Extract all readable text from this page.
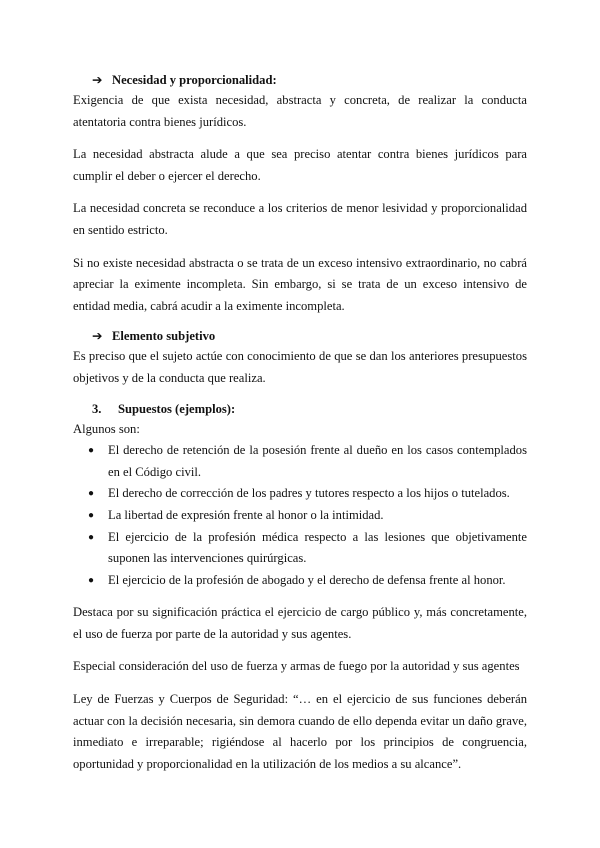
➔ Necesidad y proporcionalidad:

Exigencia de que exista necesidad, abstracta y concreta, de realizar la conducta atentatoria contra bienes jurídicos.

La necesidad abstracta alude a que sea preciso atentar contra bienes jurídicos para cumplir el deber o ejercer el derecho.

La necesidad concreta se reconduce a los criterios de menor lesividad y proporcionalidad en sentido estricto.

Si no existe necesidad abstracta o se trata de un exceso intensivo extraordinario, no cabrá apreciar la eximente incompleta. Sin embargo, si se trata de un exceso intensivo de entidad media, cabrá acudir a la eximente incompleta.

➔ Elemento subjetivo

Es preciso que el sujeto actúe con conocimiento de que se dan los anteriores presupuestos objetivos y de la conducta que realiza.

3.	Supuestos (ejemplos):

Algunos son:

● El derecho de retención de la posesión frente al dueño en los casos contemplados en el Código civil.
● El derecho de corrección de los padres y tutores respecto a los hijos o tutelados.
● La libertad de expresión frente al honor o la intimidad.
● El ejercicio de la profesión médica respecto a las lesiones que objetivamente suponen las intervenciones quirúrgicas.
● El ejercicio de la profesión de abogado y el derecho de defensa frente al honor.

Destaca por su significación práctica el ejercicio de cargo público y, más concretamente, el uso de fuerza por parte de la autoridad y sus agentes.

Especial consideración del uso de fuerza y armas de fuego por la autoridad y sus agentes

Ley de Fuerzas y Cuerpos de Seguridad: “… en el ejercicio de sus funciones deberán actuar con la decisión necesaria, sin demora cuando de ello dependa evitar un daño grave, inmediato e irreparable; rigiéndose al hacerlo por los principios de congruencia, oportunidad y proporcionalidad en la utilización de los medios a su alcance”.
